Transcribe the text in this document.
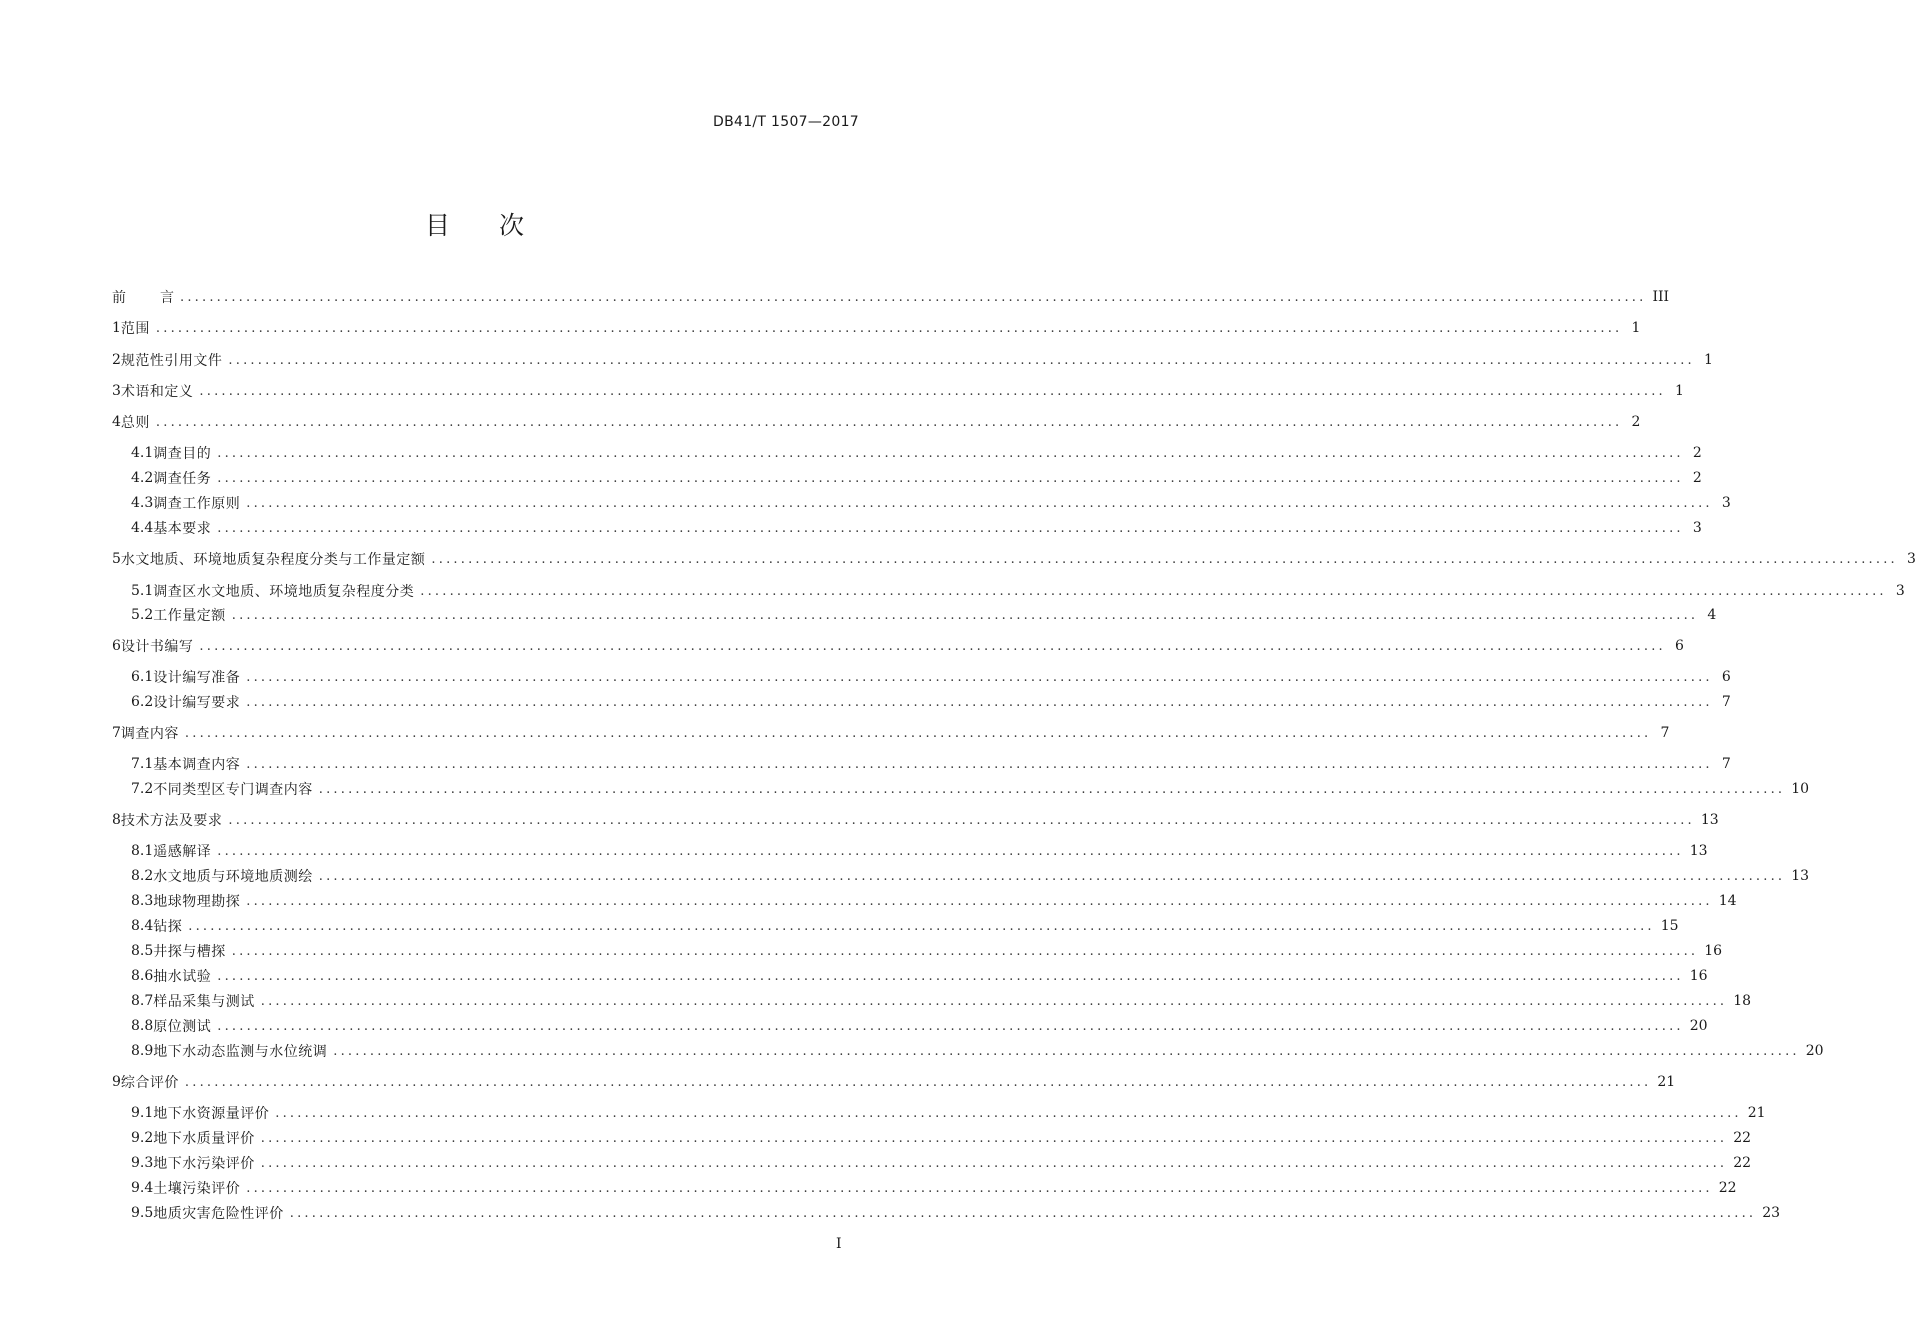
DB41/T 1507—2017
目 次
前 言 ........................................................................................................................................................................................................ III
1 范围 ........................................................................................................................................................................................................ 1
2 规范性引用文件 ........................................................................................................................................................................................................ 1
3 术语和定义 ........................................................................................................................................................................................................ 1
4 总则 ........................................................................................................................................................................................................ 2
4.1 调查目的 ........................................................................................................................................................................................................ 2
4.2 调查任务 ........................................................................................................................................................................................................ 2
4.3 调查工作原则 ........................................................................................................................................................................................................ 3
4.4 基本要求 ........................................................................................................................................................................................................ 3
5 水文地质、环境地质复杂程度分类与工作量定额 ........................................................................................................................................................................................................ 3
5.1 调查区水文地质、环境地质复杂程度分类 ........................................................................................................................................................................................................ 3
5.2 工作量定额 ........................................................................................................................................................................................................ 4
6 设计书编写 ........................................................................................................................................................................................................ 6
6.1 设计编写准备 ........................................................................................................................................................................................................ 6
6.2 设计编写要求 ........................................................................................................................................................................................................ 7
7 调查内容 ........................................................................................................................................................................................................ 7
7.1 基本调查内容 ........................................................................................................................................................................................................ 7
7.2 不同类型区专门调查内容 ........................................................................................................................................................................................................ 10
8 技术方法及要求 ........................................................................................................................................................................................................ 13
8.1 遥感解译 ........................................................................................................................................................................................................ 13
8.2 水文地质与环境地质测绘 ........................................................................................................................................................................................................ 13
8.3 地球物理勘探 ........................................................................................................................................................................................................ 14
8.4 钻探 ........................................................................................................................................................................................................ 15
8.5 井探与槽探 ........................................................................................................................................................................................................ 16
8.6 抽水试验 ........................................................................................................................................................................................................ 16
8.7 样品采集与测试 ........................................................................................................................................................................................................ 18
8.8 原位测试 ........................................................................................................................................................................................................ 20
8.9 地下水动态监测与水位统调 ........................................................................................................................................................................................................ 20
9 综合评价 ........................................................................................................................................................................................................ 21
9.1 地下水资源量评价 ........................................................................................................................................................................................................ 21
9.2 地下水质量评价 ........................................................................................................................................................................................................ 22
9.3 地下水污染评价 ........................................................................................................................................................................................................ 22
9.4 土壤污染评价 ........................................................................................................................................................................................................ 22
9.5 地质灾害危险性评价 ........................................................................................................................................................................................................ 23
I
